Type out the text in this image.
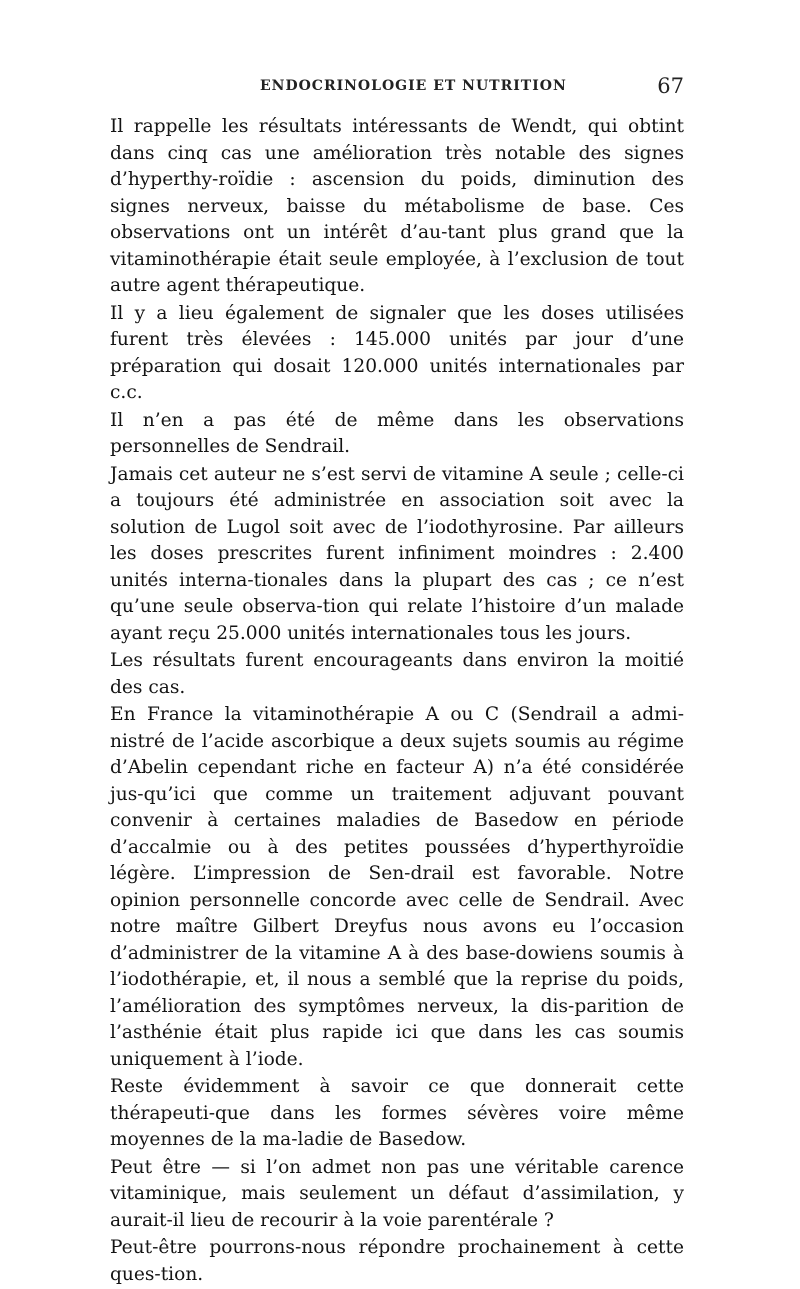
ENDOCRINOLOGIE ET NUTRITION	67

Il rappelle les résultats intéressants de Wendt, qui obtint dans cinq cas une amélioration très notable des signes d’hyperthy-roïdie : ascension du poids, diminution des signes nerveux, baisse du métabolisme de base. Ces observations ont un intérêt d’au-tant plus grand que la vitaminothérapie était seule employée, à l’exclusion de tout autre agent thérapeutique.

Il y a lieu également de signaler que les doses utilisées furent très élevées : 145.000 unités par jour d’une préparation qui dosait 120.000 unités internationales par c.c.

Il n’en a pas été de même dans les observations personnelles de Sendrail.

Jamais cet auteur ne s’est servi de vitamine A seule ; celle-ci a toujours été administrée en association soit avec la solution de Lugol soit avec de l’iodothyrosine. Par ailleurs les doses prescrites furent infiniment moindres : 2.400 unités interna-tionales dans la plupart des cas ; ce n’est qu’une seule observa-tion qui relate l’histoire d’un malade ayant reçu 25.000 unités internationales tous les jours.

Les résultats furent encourageants dans environ la moitié des cas.

En France la vitaminothérapie A ou C (Sendrail a admi-nistré de l’acide ascorbique a deux sujets soumis au régime d’Abelin cependant riche en facteur A) n’a été considérée jus-qu’ici que comme un traitement adjuvant pouvant convenir à certaines maladies de Basedow en période d’accalmie ou à des petites poussées d’hyperthyroïdie légère. L’impression de Sen-drail est favorable. Notre opinion personnelle concorde avec celle de Sendrail. Avec notre maître Gilbert Dreyfus nous avons eu l’occasion d’administrer de la vitamine A à des base-dowiens soumis à l’iodothérapie, et, il nous a semblé que la reprise du poids, l’amélioration des symptômes nerveux, la dis-parition de l’asthénie était plus rapide ici que dans les cas soumis uniquement à l’iode.

Reste évidemment à savoir ce que donnerait cette thérapeuti-que dans les formes sévères voire même moyennes de la ma-ladie de Basedow.

Peut être — si l’on admet non pas une véritable carence vitaminique, mais seulement un défaut d’assimilation, y aurait-il lieu de recourir à la voie parentérale ?

Peut-être pourrons-nous répondre prochainement à cette ques-tion.
